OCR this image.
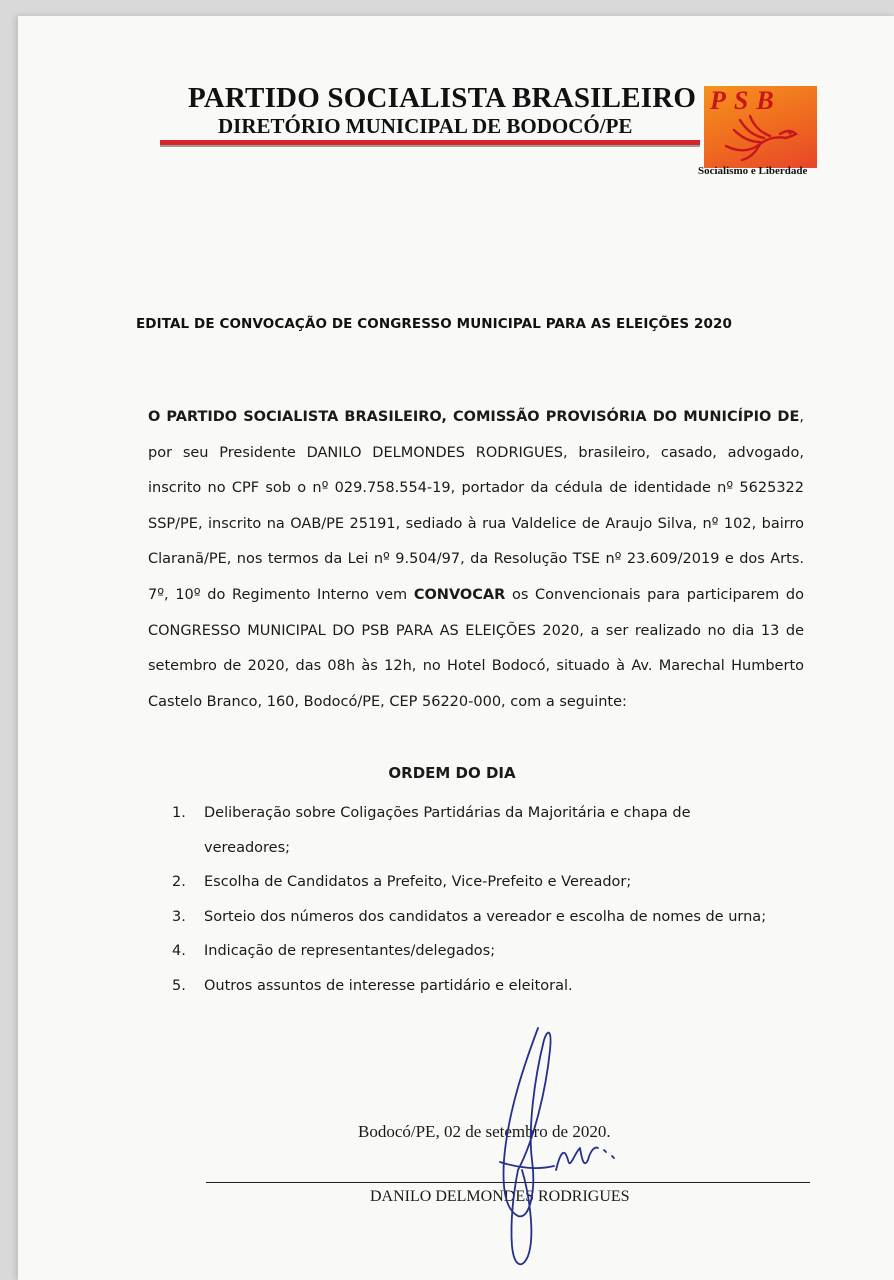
PARTIDO SOCIALISTA BRASILEIRO
DIRETÓRIO MUNICIPAL DE BODOCÓ/PE
PSB
Socialismo e Liberdade
EDITAL DE CONVOCAÇÃO DE CONGRESSO MUNICIPAL PARA AS ELEIÇÕES 2020
O PARTIDO SOCIALISTA BRASILEIRO, COMISSÃO PROVISÓRIA DO MUNICÍPIO DE, por seu Presidente DANILO DELMONDES RODRIGUES, brasileiro, casado, advogado, inscrito no CPF sob o nº 029.758.554-19, portador da cédula de identidade nº 5625322 SSP/PE, inscrito na OAB/PE 25191, sediado à rua Valdelice de Araujo Silva, nº 102, bairro Claranã/PE, nos termos da Lei nº 9.504/97, da Resolução TSE nº 23.609/2019 e dos Arts. 7º, 10º do Regimento Interno vem CONVOCAR os Convencionais para participarem do CONGRESSO MUNICIPAL DO PSB PARA AS ELEIÇÕES 2020, a ser realizado no dia 13 de setembro de 2020, das 08h às 12h, no Hotel Bodocó, situado à Av. Marechal Humberto Castelo Branco, 160, Bodocó/PE, CEP 56220-000, com a seguinte:
ORDEM DO DIA
1.	Deliberação sobre Coligações Partidárias da Majoritária e chapa de vereadores;
2.	Escolha de Candidatos a Prefeito, Vice-Prefeito e Vereador;
3.	Sorteio dos números dos candidatos a vereador e escolha de nomes de urna;
4.	Indicação de representantes/delegados;
5.	Outros assuntos de interesse partidário e eleitoral.
Bodocó/PE, 02 de setembro de 2020.
DANILO DELMONDES RODRIGUES
